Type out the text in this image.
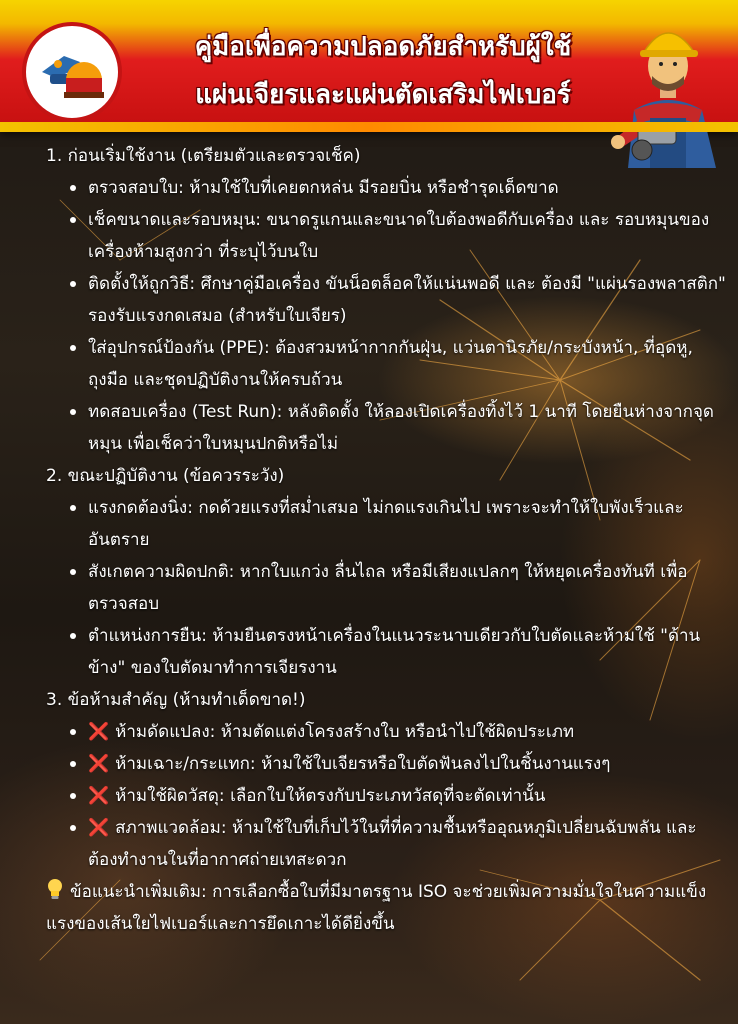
คู่มือเพื่อความปลอดภัยสำหรับผู้ใช้
แผ่นเจียรและแผ่นตัดเสริมไฟเบอร์

1. ก่อนเริ่มใช้งาน (เตรียมตัวและตรวจเช็ค)

ตรวจสอบใบ: ห้ามใช้ใบที่เคยตกหล่น มีรอยบิ่น หรือชำรุดเด็ดขาด

เช็คขนาดและรอบหมุน: ขนาดรูแกนและขนาดใบต้องพอดีกับเครื่อง และ รอบหมุนของเครื่องห้ามสูงกว่า ที่ระบุไว้บนใบ

ติดตั้งให้ถูกวิธี: ศึกษาคู่มือเครื่อง ขันน็อตล็อคให้แน่นพอดี และ ต้องมี "แผ่นรองพลาสติก" รองรับแรงกดเสมอ (สำหรับใบเจียร)

ใส่อุปกรณ์ป้องกัน (PPE): ต้องสวมหน้ากากกันฝุ่น, แว่นตานิรภัย/กระบังหน้า, ที่อุดหู, ถุงมือ และชุดปฏิบัติงานให้ครบถ้วน

ทดสอบเครื่อง (Test Run): หลังติดตั้ง ให้ลองเปิดเครื่องทิ้งไว้ 1 นาที โดยยืนห่างจากจุดหมุน เพื่อเช็คว่าใบหมุนปกติหรือไม่

2. ขณะปฏิบัติงาน (ข้อควรระวัง)

แรงกดต้องนิ่ง: กดด้วยแรงที่สม่ำเสมอ ไม่กดแรงเกินไป เพราะจะทำให้ใบพังเร็วและอันตราย

สังเกตความผิดปกติ: หากใบแกว่ง ลื่นไถล หรือมีเสียงแปลกๆ ให้หยุดเครื่องทันที เพื่อตรวจสอบ

ตำแหน่งการยืน: ห้ามยืนตรงหน้าเครื่องในแนวระนาบเดียวกับใบตัดและห้ามใช้ "ด้านข้าง" ของใบตัดมาทำการเจียรงาน

3. ข้อห้ามสำคัญ (ห้ามทำเด็ดขาด!)

❌ ห้ามดัดแปลง: ห้ามตัดแต่งโครงสร้างใบ หรือนำไปใช้ผิดประเภท

❌ ห้ามเฉาะ/กระแทก: ห้ามใช้ใบเจียรหรือใบตัดฟันลงไปในชิ้นงานแรงๆ

❌ ห้ามใช้ผิดวัสดุ: เลือกใบให้ตรงกับประเภทวัสดุที่จะตัดเท่านั้น

❌ สภาพแวดล้อม: ห้ามใช้ใบที่เก็บไว้ในที่ที่ความชื้นหรืออุณหภูมิเปลี่ยนฉับพลัน และต้องทำงานในที่อากาศถ่ายเทสะดวก

ข้อแนะนำเพิ่มเติม: การเลือกซื้อใบที่มีมาตรฐาน ISO จะช่วยเพิ่มความมั่นใจในความแข็งแรงของเส้นใยไฟเบอร์และการยึดเกาะได้ดียิ่งขึ้น
